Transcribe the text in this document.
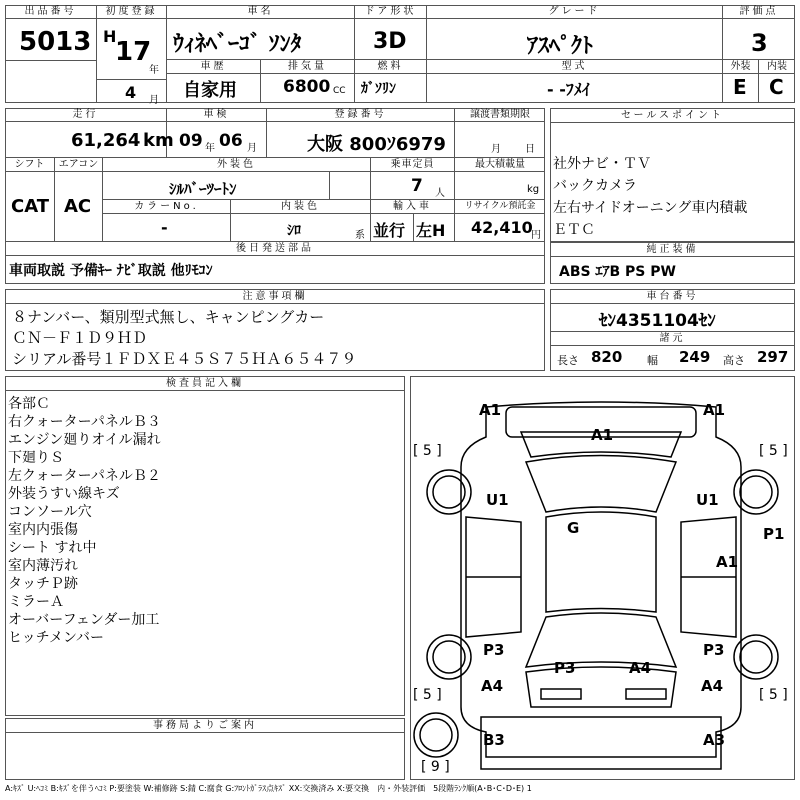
出品番号
5013
初度登録
H
17
年
4 月
車名
ｳｨﾈﾍﾞｰｺﾞ ｿﾝﾀ
ドア形状
3D
グレード
ｱｽﾍﾟｸﾄ
評価点
3
車歴
自家用
排気量
6800 CC
燃料
ｶﾞｿﾘﾝ
型式
- -ﾌﾒｲ
外装
E
内装
C
走行
61,264 km
車検
09 年 06 月
登録番号
大阪 800ｿ6979
譲渡書類期限
月 日
シフト
CAT
エアコン
AC
外装色
ｼﾙﾊﾞｰﾂｰﾄﾝ
乗車定員
7 人
最大積載量
kg
カラーNo.
-
内装色
ｼﾛ	系
輸入車
並行 左H
リサイクル預託金
42,410
円
後日発送部品
車両取説 予備ｷｰ ﾅﾋﾞ取説 他ﾘﾓｺﾝ
セールスポイント
社外ナビ・ＴＶ
バックカメラ
左右サイドオーニング車内積載
ＥＴＣ
純正装備
ABS ｴｱB PS PW
注意事項欄
８ナンバー、類別型式無し、キャンピングカー
ＣＮ－Ｆ１Ｄ９ＨＤ
シリアル番号１ＦＤＸＥ４５Ｓ７５ＨＡ６５４７９
車台番号
ｾﾝ4351104ｾﾝ
諸元
長さ 820 幅 249 高さ 297
検査員記入欄
各部Ｃ
右クォーターパネルＢ３
エンジン廻りオイル漏れ
下廻りＳ
左クォーターパネルＢ２
外装うすい線キズ
コンソール穴
室内内張傷
シート すれ中
室内薄汚れ
タッチＰ跡
ミラーＡ
オーバーフェンダー加工
ヒッチメンバー
事務局よりご案内
A1	A1
A1
U1	U1
G	P1
A1
P3	P3
P3	A4
A4	A4
B3	A3
[ 5 ]	[ 5 ]
[ 5 ]	[ 5 ]
[ 9 ]
A:ｷｽﾞ U:ﾍｺﾐ B:ｷｽﾞを伴うﾍｺﾐ P:要塗装 W:補修跡 S:錆 C:腐食 G:ﾌﾛﾝﾄｶﾞﾗｽ点ｷｽﾞ XX:交換済み X:要交換　内・外装評価　5段階ﾗﾝｸ順(A･B･C･D･E) 1
